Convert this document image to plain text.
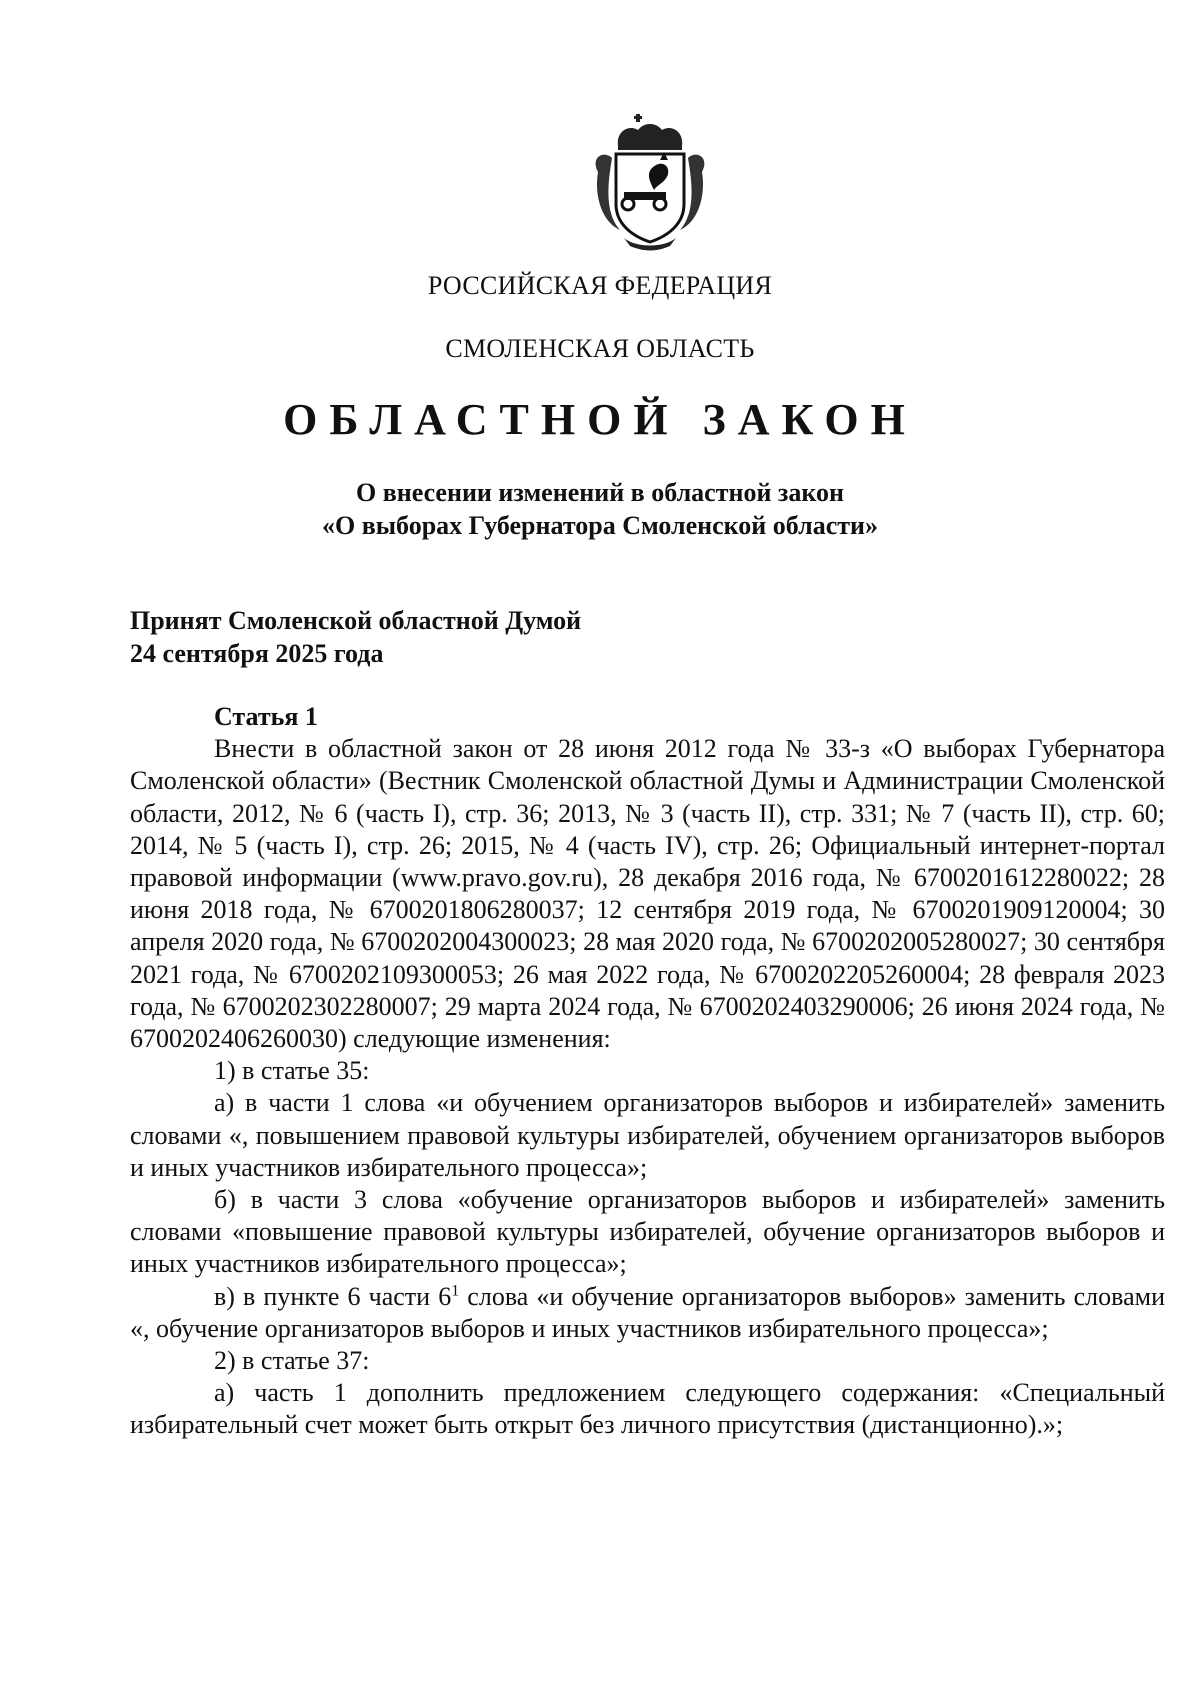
РОССИЙСКАЯ ФЕДЕРАЦИЯ
СМОЛЕНСКАЯ ОБЛАСТЬ
ОБЛАСТНОЙ ЗАКОН
О внесении изменений в областной закон
«О выборах Губернатора Смоленской области»
Принят Смоленской областной Думой
24 сентября 2025 года
Статья 1

Внести в областной закон от 28 июня 2012 года № 33-з «О выборах Губернатора Смоленской области» (Вестник Смоленской областной Думы и Администрации Смоленской области, 2012, № 6 (часть I), стр. 36; 2013, № 3 (часть II), стр. 331; № 7 (часть II), стр. 60; 2014, № 5 (часть I), стр. 26; 2015, № 4 (часть IV), стр. 26; Официальный интернет-портал правовой информации (www.pravo.gov.ru), 28 декабря 2016 года, № 6700201612280022; 28 июня 2018 года, № 6700201806280037; 12 сентября 2019 года, № 6700201909120004; 30 апреля 2020 года, № 6700202004300023; 28 мая 2020 года, № 6700202005280027; 30 сентября 2021 года, № 6700202109300053; 26 мая 2022 года, № 6700202205260004; 28 февраля 2023 года, № 6700202302280007; 29 марта 2024 года, № 6700202403290006; 26 июня 2024 года, № 6700202406260030) следующие изменения:

1) в статье 35:

а) в части 1 слова «и обучением организаторов выборов и избирателей» заменить словами «, повышением правовой культуры избирателей, обучением организаторов выборов и иных участников избирательного процесса»;

б) в части 3 слова «обучение организаторов выборов и избирателей» заменить словами «повышение правовой культуры избирателей, обучение организаторов выборов и иных участников избирательного процесса»;

в) в пункте 6 части $6^1$ слова «и обучение организаторов выборов» заменить словами «, обучение организаторов выборов и иных участников избирательного процесса»;

2) в статье 37:

а) часть 1 дополнить предложением следующего содержания: «Специальный избирательный счет может быть открыт без личного присутствия (дистанционно).»;
